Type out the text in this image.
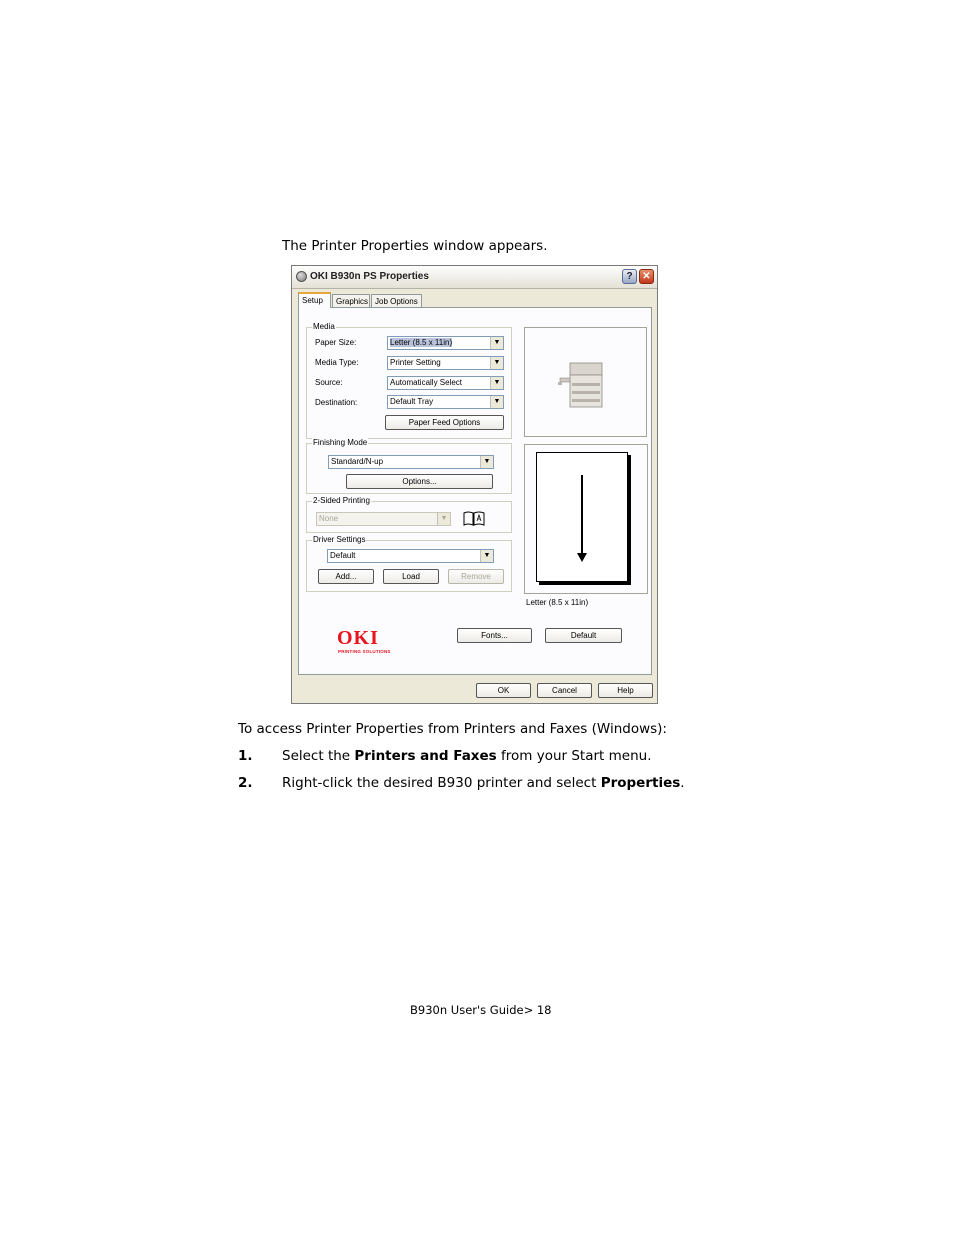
The Printer Properties window appears.
OKI B930n PS Properties	? ✕
Setup	Graphics Job Options
Media
Paper Size:	Letter (8.5 x 11in)	▼
Media Type:	Printer Setting	▼
Source:	Automatically Select	▼
Destination:	Default Tray	▼
Paper Feed Options
Finishing Mode
Standard/N-up	▼
Options...
2-Sided Printing
None	▼
Driver Settings
Default	▼
Add...	Load	Remove
Letter (8.5 x 11in)
OKI
PRINTING SOLUTIONS
Fonts...	Default
OK	Cancel	Help
To access Printer Properties from Printers and Faxes (Windows):
1. Select the Printers and Faxes from your Start menu.
2. Right-click the desired B930 printer and select Properties.
B930n User's Guide> 18
